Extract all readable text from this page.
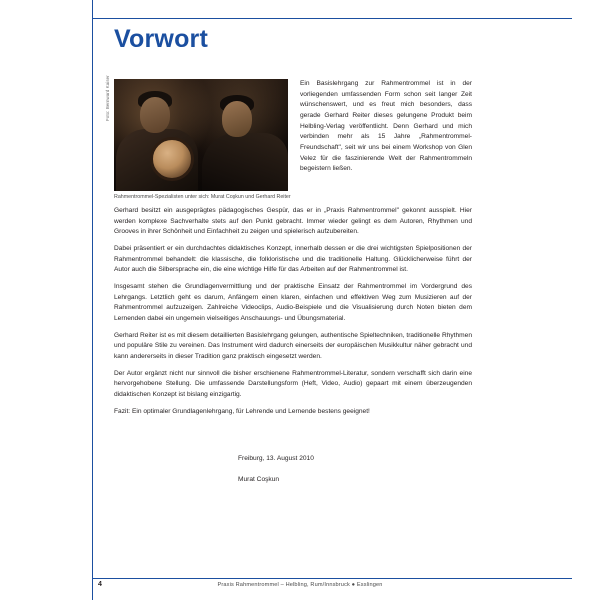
Vorwort
Foto: Bernward Kaiser
Rahmentrommel-Spezialisten unter sich: Murat Coşkun und Gerhard Reiter

Ein Basislehrgang zur Rahmentrommel ist in der vorliegenden umfassenden Form schon seit langer Zeit wünschenswert, und es freut mich besonders, dass gerade Gerhard Reiter dieses gelungene Produkt beim Helbling-Verlag veröffentlicht. Denn Gerhard und mich verbinden mehr als 15 Jahre „Rahmentrommel-Freundschaft", seit wir uns bei einem Workshop von Glen Velez für die faszinierende Welt der Rahmentrommeln begeistern ließen.

Gerhard besitzt ein ausgeprägtes pädagogisches Gespür, das er in „Praxis Rahmentrommel" gekonnt ausspielt. Hier werden komplexe Sachverhalte stets auf den Punkt gebracht. Immer wieder gelingt es dem Autoren, Rhythmen und Grooves in ihrer Schönheit und Einfachheit zu zeigen und spielerisch aufzubereiten.

Dabei präsentiert er ein durchdachtes didaktisches Konzept, innerhalb dessen er die drei wichtigsten Spielpositionen der Rahmentrommel behandelt: die klassische, die folkloristische und die traditionelle Haltung. Glücklicherweise führt der Autor auch die Silbersprache ein, die eine wichtige Hilfe für das Arbeiten auf der Rahmentrommel ist.

Insgesamt stehen die Grundlagenvermittlung und der praktische Einsatz der Rahmentrommel im Vordergrund des Lehrgangs. Letztlich geht es darum, Anfängern einen klaren, einfachen und effektiven Weg zum Musizieren auf der Rahmentrommel aufzuzeigen. Zahlreiche Videoclips, Audio-Beispiele und die Visualisierung durch Noten bieten dem Lernenden dabei ein ungemein vielseitiges Anschauungs- und Übungsmaterial.

Gerhard Reiter ist es mit diesem detaillierten Basislehrgang gelungen, authentische Spieltechniken, traditionelle Rhythmen und populäre Stile zu vereinen. Das Instrument wird dadurch einerseits der europäischen Musikkultur näher gebracht und kann andererseits in dieser Tradition ganz praktisch eingesetzt werden.

Der Autor ergänzt nicht nur sinnvoll die bisher erschienene Rahmentrommel-Literatur, sondern verschafft sich darin eine hervorgehobene Stellung. Die umfassende Darstellungsform (Heft, Video, Audio) gepaart mit einem überzeugenden didaktischen Konzept ist bislang einzigartig.

Fazit: Ein optimaler Grundlagenlehrgang, für Lehrende und Lernende bestens geeignet!

Freiburg, 13. August 2010
Murat Coşkun
4	Praxis Rahmentrommel – Helbling, Rum/Innsbruck ● Esslingen
